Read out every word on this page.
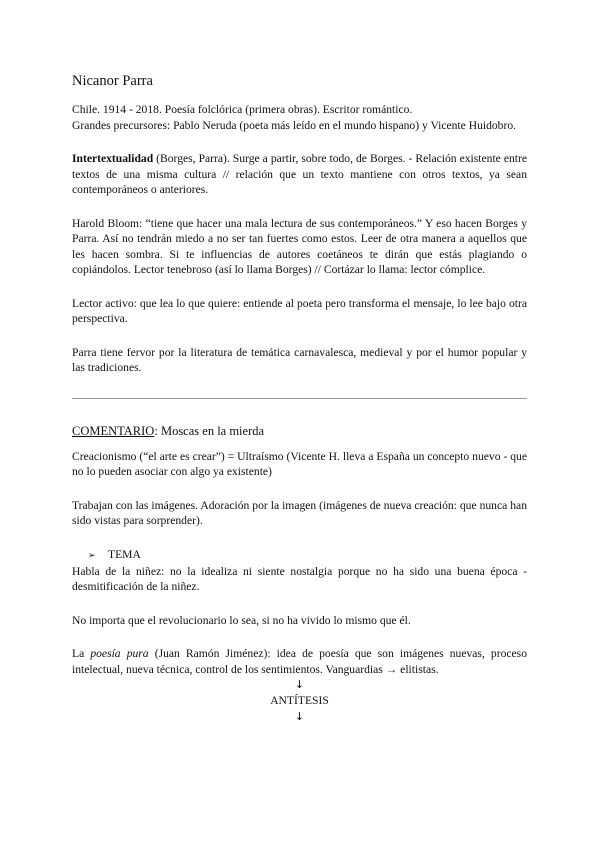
Nicanor Parra

Chile. 1914 - 2018. Poesía folclórica (primera obras). Escritor romántico.

Grandes precursores: Pablo Neruda (poeta más leído en el mundo hispano) y Vicente Huidobro.

Intertextualidad (Borges, Parra). Surge a partir, sobre todo, de Borges. - Relación existente entre textos de una misma cultura // relación que un texto mantiene con otros textos, ya sean contemporáneos o anteriores.

Harold Bloom: “tiene que hacer una mala lectura de sus contemporáneos.” Y eso hacen Borges y Parra. Así no tendrán miedo a no ser tan fuertes como estos. Leer de otra manera a aquellos que les hacen sombra. Si te influencias de autores coetáneos te dirán que estás plagiando o copiándolos. Lector tenebroso (así lo llama Borges) // Cortázar lo llama: lector cómplice.

Lector activo: que lea lo que quiere: entiende al poeta pero transforma el mensaje, lo lee bajo otra perspectiva.

Parra tiene fervor por la literatura de temática carnavalesca, medieval y por el humor popular y las tradiciones.

COMENTARIO: Moscas en la mierda

Creacionismo (“el arte es crear”) = Ultraísmo (Vicente H. lleva a España un concepto nuevo - que no lo pueden asociar con algo ya existente)

Trabajan con las imágenes. Adoración por la imagen (imágenes de nueva creación: que nunca han sido vistas para sorprender).

➢ TEMA

Habla de la niñez: no la idealiza ni siente nostalgia porque no ha sido una buena época - desmitificación de la niñez.

No importa que el revolucionario lo sea, si no ha vivido lo mismo que él.

La poesía pura (Juan Ramón Jiménez): idea de poesía que son imágenes nuevas, proceso intelectual, nueva técnica, control de los sentimientos. Vanguardias → elitistas.

↓
ANTÍTESIS
↓
